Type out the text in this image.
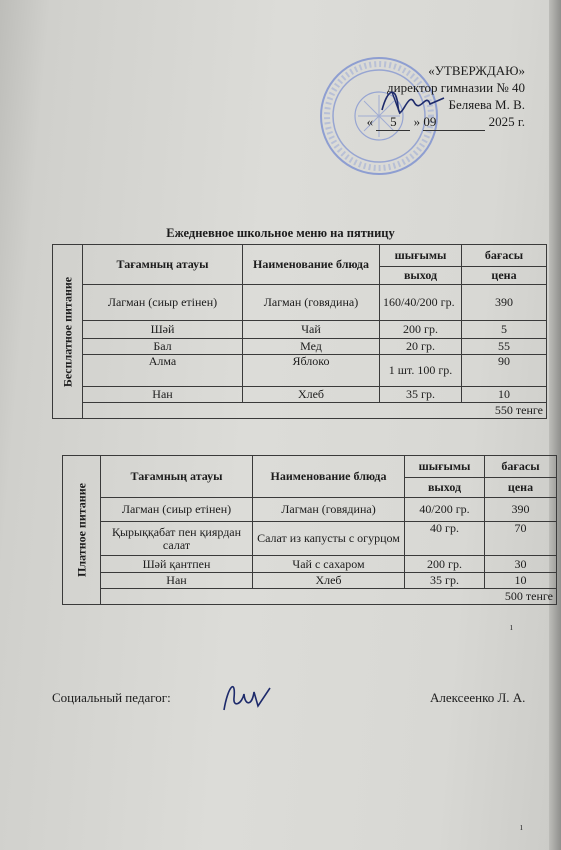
«УТВЕРЖДАЮ»
директор гимназии № 40
Беляева М. В.
« 5 » 09	2025 г.
Ежедневное школьное меню на пятницу
Бесплатное питание	Тағамның атауы	Наименование блюда	шығымы	бағасы
			выход	цена
	Лагман (сиыр етінен)	Лагман (говядина)	160/40/200 гр.	390
	Шәй	Чай	200 гр.	5
	Бал	Мед	20 гр.	55
	Алма	Яблоко	1 шт. 100 гр.	90
	Нан	Хлеб	35 гр.	10
	550 тенге			
Платное питание	Тағамның атауы	Наименование блюда	шығымы	бағасы
			выход	цена
	Лагман (сиыр етінен)	Лагман (говядина)	40/200 гр.	390
	Қырыққабат пен қиярдан салат	Салат из капусты с огурцом	40 гр.	70
	Шәй қантпен	Чай с сахаром	200 гр.	30
	Нан	Хлеб	35 гр.	10
	500 тенге			
Социальный педагог:	Алексеенко Л. А.
ı
ı
